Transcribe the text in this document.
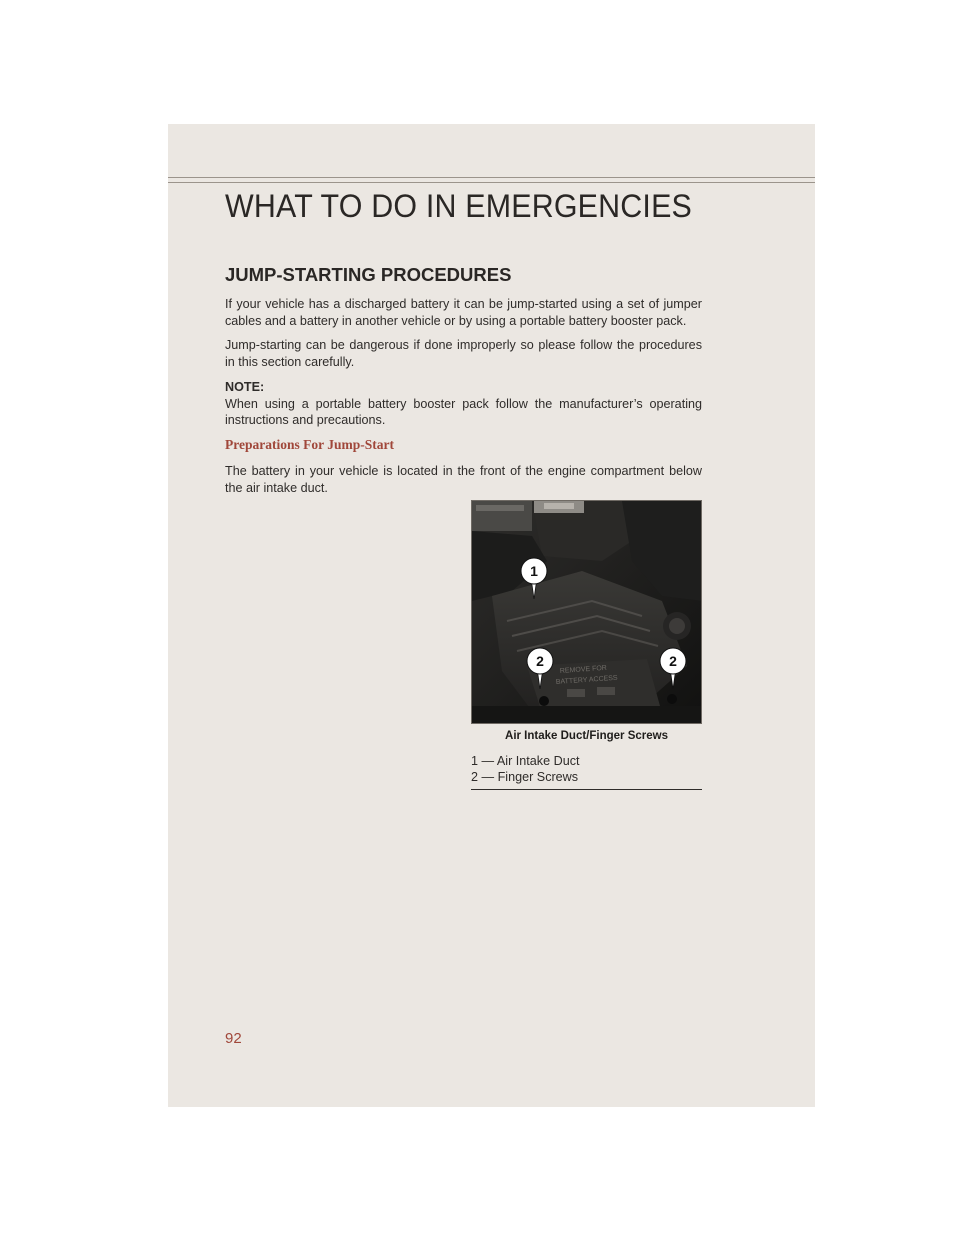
WHAT TO DO IN EMERGENCIES
JUMP-STARTING PROCEDURES
If your vehicle has a discharged battery it can be jump-started using a set of jumper cables and a battery in another vehicle or by using a portable battery booster pack.
Jump-starting can be dangerous if done improperly so please follow the procedures in this section carefully.
NOTE:
When using a portable battery booster pack follow the manufacturer’s operating instructions and precautions.
Preparations For Jump-Start
The battery in your vehicle is located in the front of the engine compartment below the air intake duct.
REMOVE FOR
BATTERY ACCESS
1
2	2
Air Intake Duct/Finger Screws
1 — Air Intake Duct
2 — Finger Screws
92
